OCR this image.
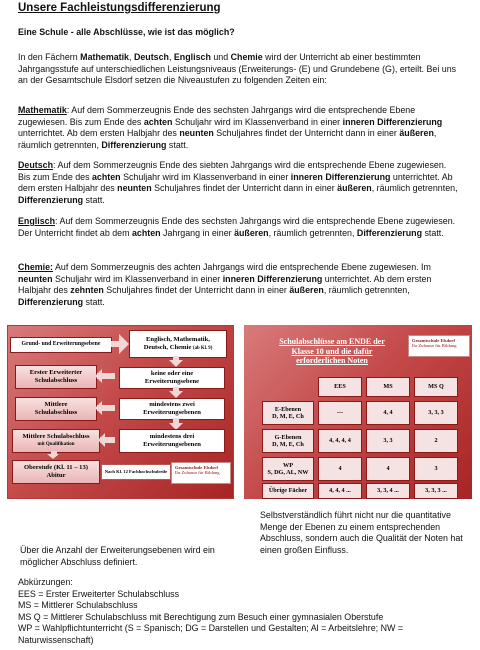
Unsere Fachleistungsdifferenzierung
Eine Schule - alle Abschlüsse, wie ist das möglich?

In den Fächern Mathematik, Deutsch, Englisch und Chemie wird der Unterricht ab einer bestimmten Jahrgangsstufe auf unterschiedlichen Leistungsniveaus (Erweiterungs- (E) und Grundebene (G), erteilt. Bei uns an der Gesamtschule Elsdorf setzen die Niveaustufen zu folgenden Zeiten ein:

Mathematik: Auf dem Sommerzeugnis Ende des sechsten Jahrgangs wird die entsprechende Ebene zugewiesen. Bis zum Ende des achten Schuljahr wird im Klassenverband in einer inneren Differenzierung unterrichtet. Ab dem ersten Halbjahr des neunten Schuljahres findet der Unterricht dann in einer äußeren, räumlich getrennten, Differenzierung statt.

Deutsch: Auf dem Sommerzeugnis Ende des siebten Jahrgangs wird die entsprechende Ebene zugewiesen. Bis zum Ende des achten Schuljahr wird im Klassenverband in einer inneren Differenzierung unterrichtet. Ab dem ersten Halbjahr des neunten Schuljahres findet der Unterricht dann in einer äußeren, räumlich getrennten, Differenzierung statt.

Englisch: Auf dem Sommerzeugnis Ende des sechsten Jahrgangs wird die entsprechende Ebene zugewiesen. Der Unterricht findet ab dem achten Jahrgang in einer äußeren, räumlich getrennten, Differenzierung statt.

Chemie: Auf dem Sommerzeugnis des achten Jahrgangs wird die entsprechende Ebene zugewiesen. Im neunten Schuljahr wird im Klassenverband in einer inneren Differenzierung unterrichtet. Ab dem ersten Halbjahr des zehnten Schuljahres findet der Unterricht dann in einer äußeren, räumlich getrennten, Differenzierung statt.

Grund- und Erweiterungsebene
Englisch, Mathematik,
Deutsch, Chemie (ab Kl. 9)
Erster Erweiterter
Schulabschluss
keine oder eine
Erweiterungsebene
Mittlere
Schulabschluss
mindestens zwei
Erweiterungsebenen
Mittlere Schulabschluss
mit Qualifikation
mindestens drei
Erweiterungsebenen
Oberstufe (Kl. 11 – 13)
Abitur
Nach Kl. 12 Fachhochschulreife
Gesamtschule Elsdorf
Ihr Zuhause für Bildung
Schulabschlüsse am ENDE der
Klasse 10 und die dafür
erforderlichen Noten
Gesamtschule Elsdorf
Ihr Zuhause für Bildung
EES	MS	MS Q
E-Ebenen
D, M, E, Ch
---	4, 4	3, 3, 3
G-Ebenen
D, M, E, Ch
4, 4, 4, 4	3, 3	2
WP
S, DG, AL, NW
4	4	3
Übrige Fächer	4, 4, 4 ...	3, 3, 4 ...	3, 3, 3 ...

Selbstverständlich führt nicht nur die quantitative Menge der Ebenen zu einem entsprechenden Abschluss, sondern auch die Qualität der Noten hat einen großen Einfluss.

Über die Anzahl der Erweiterungsebenen wird ein möglicher Abschluss definiert.

Abkürzungen:
EES = Erster Erweiterter Schulabschluss
MS = Mittlerer Schulabschluss
MS Q = Mittlerer Schulabschluss mit Berechtigung zum Besuch einer gymnasialen Oberstufe
WP = Wahlpflichtunterricht (S = Spanisch; DG = Darstellen und Gestalten; Al = Arbeitslehre; NW = Naturwissenschaft)
